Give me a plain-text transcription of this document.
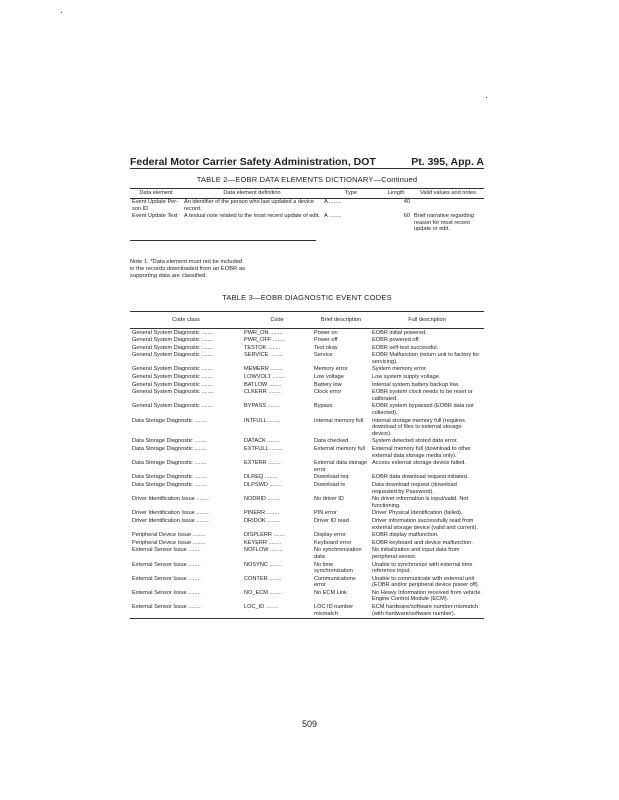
Federal Motor Carrier Safety Administration, DOT	Pt. 395, App. A
TABLE 2—EOBR DATA ELEMENTS DICTIONARY—Continued
Data element	Data element definition	Type	Length	Valid values and notes
Event Update Per-son ID	An identifier of the person who last updated a device record.	A .....	40	
Event Update Text	A textual note related to the most recent update of edit.	A .....	60	Brief narrative regarding reason for most recent update or edit.

Note 1: *Data element must not be included

in the records downloaded from an EOBR as

supporting data are classified.

TABLE 3—EOBR DIAGNOSTIC EVENT CODES
Code class	Code	Brief description	Full description
General System Diagnostic .....	PWR_ON .....	Power on	EOBR initial powered.
General System Diagnostic .....	PWR_OFF .....	Power off	EOBR powered off.
General System Diagnostic .....	TESTOK .....	Test okay	EOBR self-test successful.
General System Diagnostic .....	SERVICE .....	Service	EOBR Malfunction (return unit to factory for servicing).
General System Diagnostic .....	MEMERR .....	Memory error	System memory error.
General System Diagnostic .....	LOWVOLT .....	Low voltage	Low system supply voltage.
General System Diagnostic .....	BATLOW .....	Battery low	Internal system battery backup low.
General System Diagnostic .....	CLKERR .....	Clock error	EOBR system clock needs to be reset or calibrated.
General System Diagnostic .....	BYPASS .....	Bypass	EOBR system bypassed (EOBR data not collected).
Data Storage Diagnostic .....	INTFULL .....	Internal memory full	Internal storage memory full (requires download of files to external storage device).
Data Storage Diagnostic .....	DATACK .....	Data checked	System detected stored data error.
Data Storage Diagnostic .....	EXTFULL .....	External memory full	External memory full (download to other external data storage media only).
Data Storage Diagnostic .....	EXTERR .....	External data storage error	Access external storage device failed.
Data Storage Diagnostic .....	DLREQ .....	Download req	EOBR data download request initiated.
Data Storage Diagnostic .....	DLPSWD .....	Download re	Data download request (download requested by Password).
Driver Identification Issue .....	NODRID .....	No driver ID	No driver information is input/valid. Not functioning.
Driver Identification Issue .....	PINERR .....	PIN error	Driver Physical Identification (failed).
Driver Identification Issue .....	DRIDOK .....	Driver ID read	Driver information successfully read from external storage device (valid and current).
Peripheral Device Issue .....	DISPLERR .....	Display error	EOBR display malfunction.
Peripheral Device Issue .....	KEYERR .....	Keyboard error	EOBR keyboard and device malfunction.
External Sensor Issue .....	NOFLOW .....	No synchronization data	No initialization and input data from peripheral sensor.
External Sensor Issue .....	NOSYNC .....	No time synchronization	Unable to synchronize with external time reference input.
External Sensor Issue .....	CONTER .....	Communications error	Unable to communicate with external unit (EOBR and/or peripheral device power off).
External Sensor Issue .....	NO_ECM .....	No ECM Link	No Heavy Information received from vehicle Engine Control Module (ECM).
External Sensor Issue .....	LOC_ID .....	LOC ID number mismatch	ECM hardware/software number mismatch (with hardware/software number).
509
